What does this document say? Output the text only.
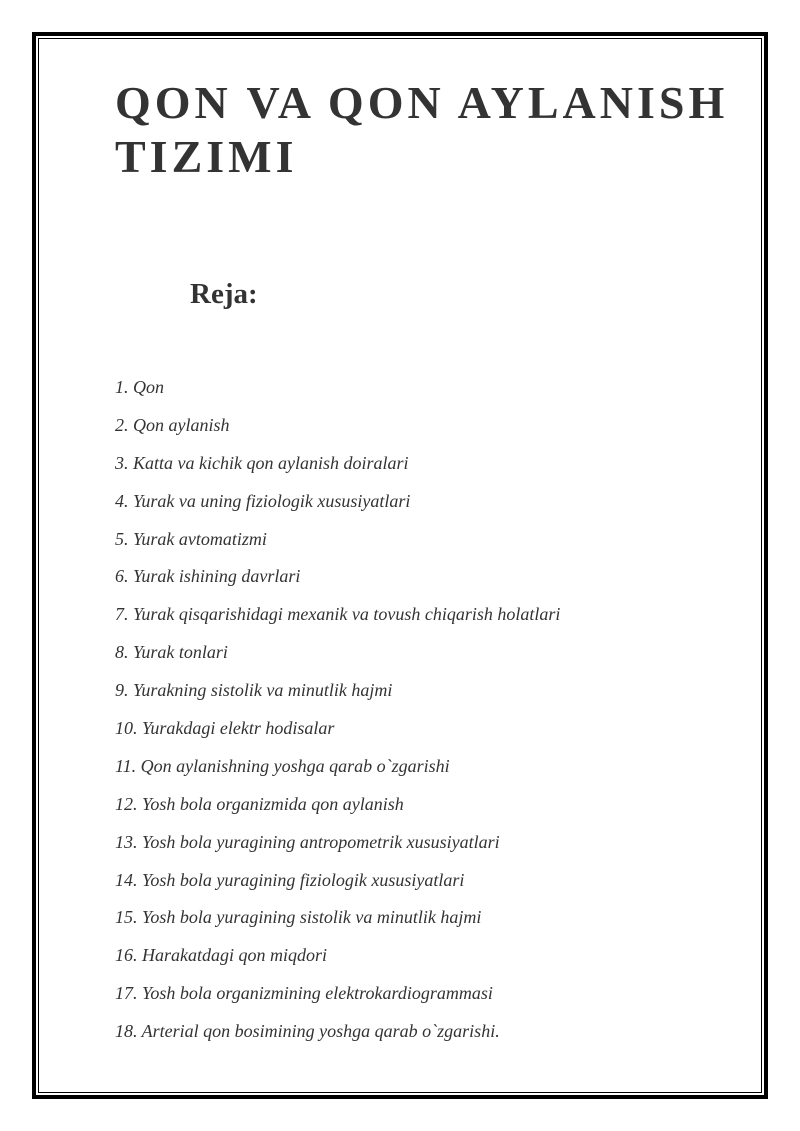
QON VA QON AYLANISH TIZIMI
Reja:
1. Qon
2. Qon aylanish
3. Katta va kichik qon aylanish doiralari
4. Yurak va uning fiziologik xususiyatlari
5. Yurak avtomatizmi
6. Yurak ishining davrlari
7. Yurak qisqarishidagi mexanik va tovush chiqarish holatlari
8. Yurak tonlari
9. Yurakning sistolik va minutlik hajmi
10. Yurakdagi elektr hodisalar
11. Qon aylanishning yoshga qarab o`zgarishi
12. Yosh bola organizmida qon aylanish
13. Yosh bola yuragining antropometrik xususiyatlari
14. Yosh bola yuragining fiziologik xususiyatlari
15. Yosh bola yuragining sistolik va minutlik hajmi
16. Harakatdagi qon miqdori
17. Yosh bola organizmining elektrokardiogrammasi
18. Arterial qon bosimining yoshga qarab o`zgarishi.
